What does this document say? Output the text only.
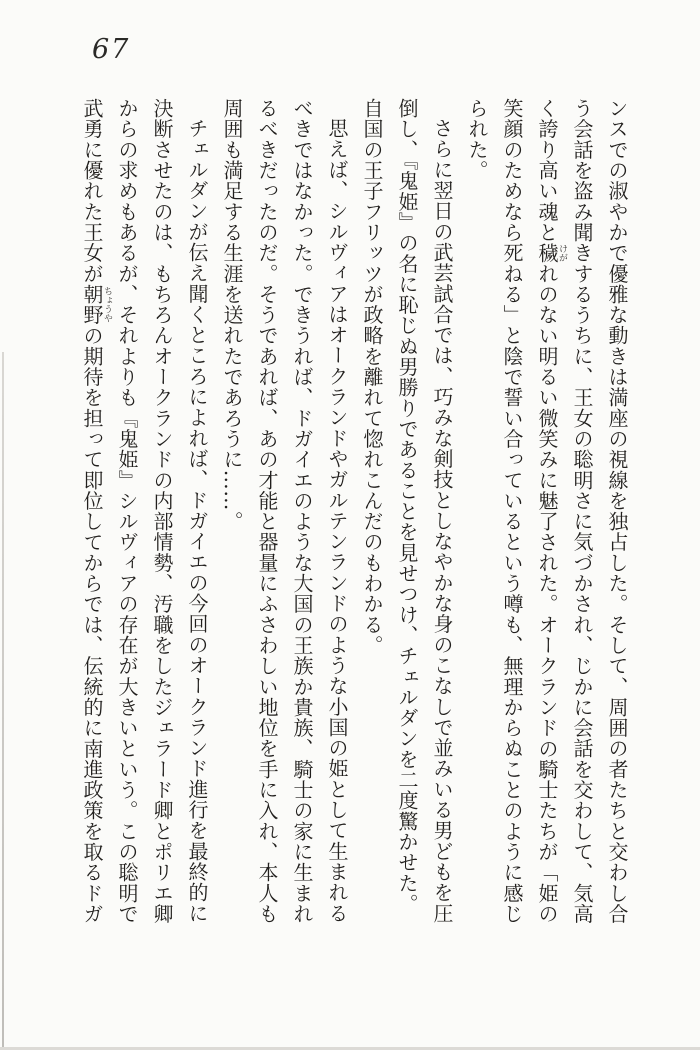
67

ンスでの淑やかで優雅な動きは満座の視線を独占した。そして、周囲の者たちと交わし合う会話を盗み聞きするうちに、王女の聡明さに気づかされ、じかに会話を交わして、気高く誇り高い魂と穢けがれのない明るい微笑みに魅了された。オークランドの騎士たちが「姫の笑顔のためなら死ねる」と陰で誓い合っているという噂も、無理からぬことのように感じられた。

さらに翌日の武芸試合では、巧みな剣技としなやかな身のこなしで並みいる男どもを圧倒し、『鬼姫』の名に恥じぬ男勝りであることを見せつけ、チェルダンを二度驚かせた。自国の王子フリッツが政略を離れて惚れこんだのもわかる。

思えば、シルヴィアはオークランドやガルテンランドのような小国の姫として生まれるべきではなかった。できうれば、ドガイエのような大国の王族か貴族、騎士の家に生まれるべきだったのだ。そうであれば、あの才能と器量にふさわしい地位を手に入れ、本人も周囲も満足する生涯を送れたであろうに……。

チェルダンが伝え聞くところによれば、ドガイエの今回のオークランド進行を最終的に決断させたのは、もちろんオークランドの内部情勢、汚職をしたジェラード卿とポリエ卿からの求めもあるが、それよりも『鬼姫』シルヴィアの存在が大きいという。この聡明で武勇に優れた王女が朝野ちょうやの期待を担って即位してからでは、伝統的に南進政策を取るドガ
